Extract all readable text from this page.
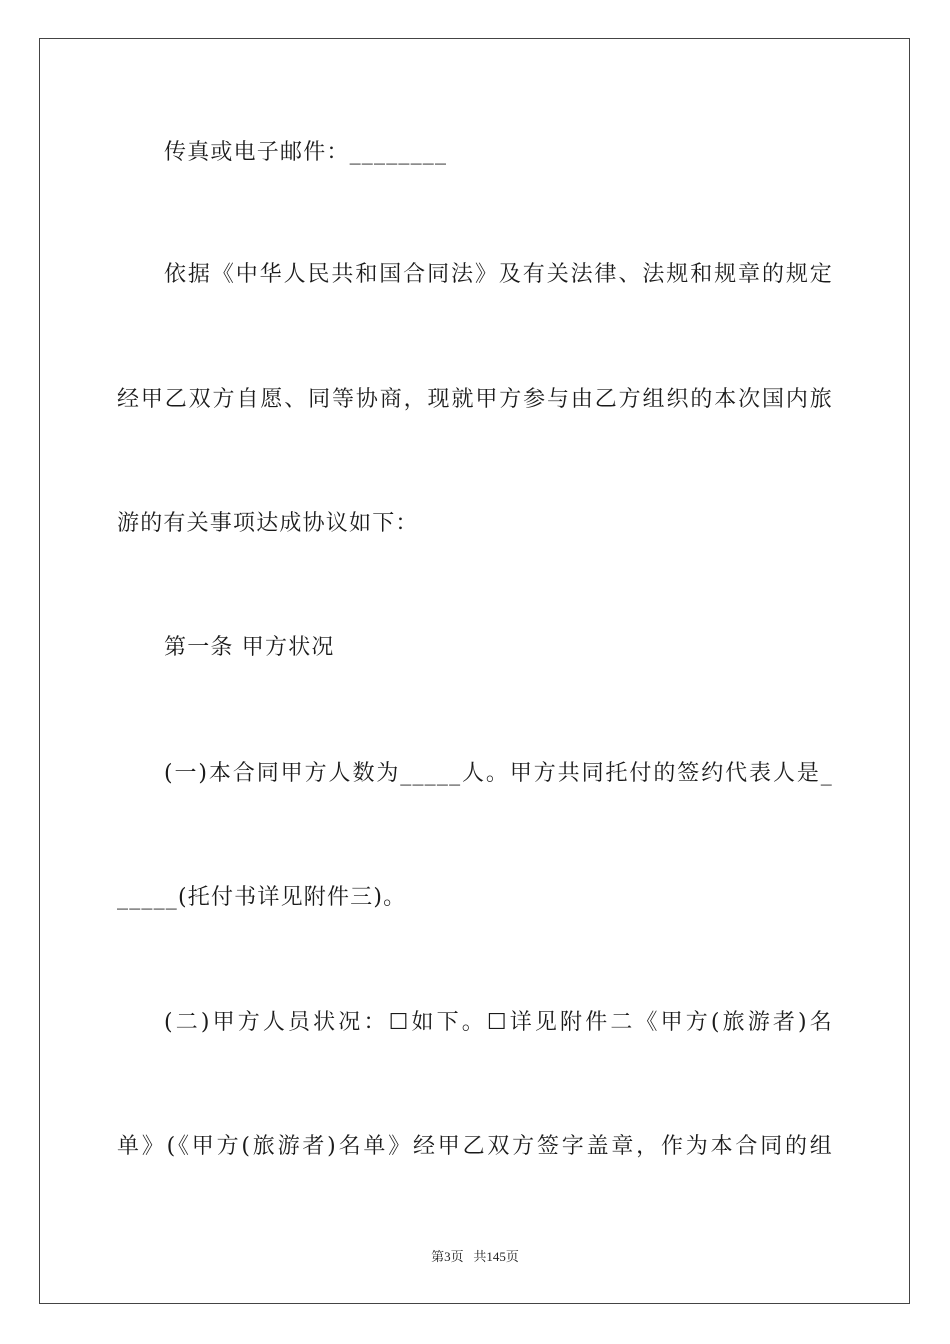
传真或电子邮件：________
依据《中华人民共和国合同法》及有关法律、法规和规章的规定
经甲乙双方自愿、同等协商，现就甲方参与由乙方组织的本次国内旅
游的有关事项达成协议如下：
第一条 甲方状况
(一)本合同甲方人数为_____人。甲方共同托付的签约代表人是_
_____(托付书详见附件三)。
(二)甲方人员状况：☐如下。☐详见附件二《甲方(旅游者)名
单》(《甲方(旅游者)名单》经甲乙双方签字盖章，作为本合同的组
第3页 共145页
